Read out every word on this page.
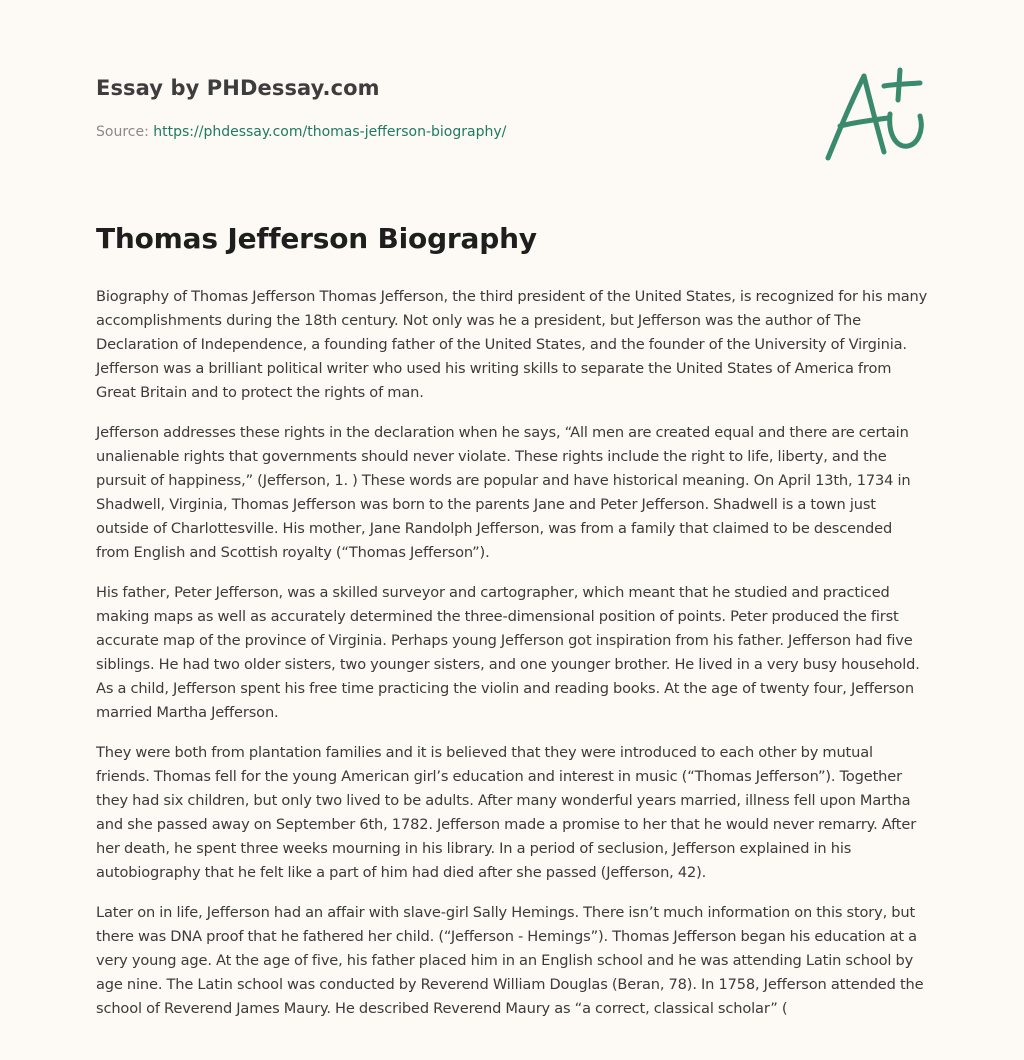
Essay by PHDessay.com
Source: https://phdessay.com/thomas-jefferson-biography/
Thomas Jefferson Biography

Biography of Thomas Jefferson Thomas Jefferson, the third president of the United States, is recognized for his many accomplishments during the 18th century. Not only was he a president, but Jefferson was the author of The Declaration of Independence, a founding father of the United States, and the founder of the University of Virginia. Jefferson was a brilliant political writer who used his writing skills to separate the United States of America from Great Britain and to protect the rights of man.

Jefferson addresses these rights in the declaration when he says, “All men are created equal and there are certain unalienable rights that governments should never violate. These rights include the right to life, liberty, and the pursuit of happiness,” (Jefferson, 1. ) These words are popular and have historical meaning. On April 13th, 1734 in Shadwell, Virginia, Thomas Jefferson was born to the parents Jane and Peter Jefferson. Shadwell is a town just outside of Charlottesville. His mother, Jane Randolph Jefferson, was from a family that claimed to be descended from English and Scottish royalty (“Thomas Jefferson”).

His father, Peter Jefferson, was a skilled surveyor and cartographer, which meant that he studied and practiced making maps as well as accurately determined the three-dimensional position of points. Peter produced the first accurate map of the province of Virginia. Perhaps young Jefferson got inspiration from his father. Jefferson had five siblings. He had two older sisters, two younger sisters, and one younger brother. He lived in a very busy household. As a child, Jefferson spent his free time practicing the violin and reading books. At the age of twenty four, Jefferson married Martha Jefferson.

They were both from plantation families and it is believed that they were introduced to each other by mutual friends. Thomas fell for the young American girl’s education and interest in music (“Thomas Jefferson”). Together they had six children, but only two lived to be adults. After many wonderful years married, illness fell upon Martha and she passed away on September 6th, 1782. Jefferson made a promise to her that he would never remarry. After her death, he spent three weeks mourning in his library. In a period of seclusion, Jefferson explained in his autobiography that he felt like a part of him had died after she passed (Jefferson, 42).

Later on in life, Jefferson had an affair with slave-girl Sally Hemings. There isn’t much information on this story, but there was DNA proof that he fathered her child. (“Jefferson - Hemings”). Thomas Jefferson began his education at a very young age. At the age of five, his father placed him in an English school and he was attending Latin school by age nine. The Latin school was conducted by Reverend William Douglas (Beran, 78). In 1758, Jefferson attended the school of Reverend James Maury. He described Reverend Maury as “a correct, classical scholar” (
